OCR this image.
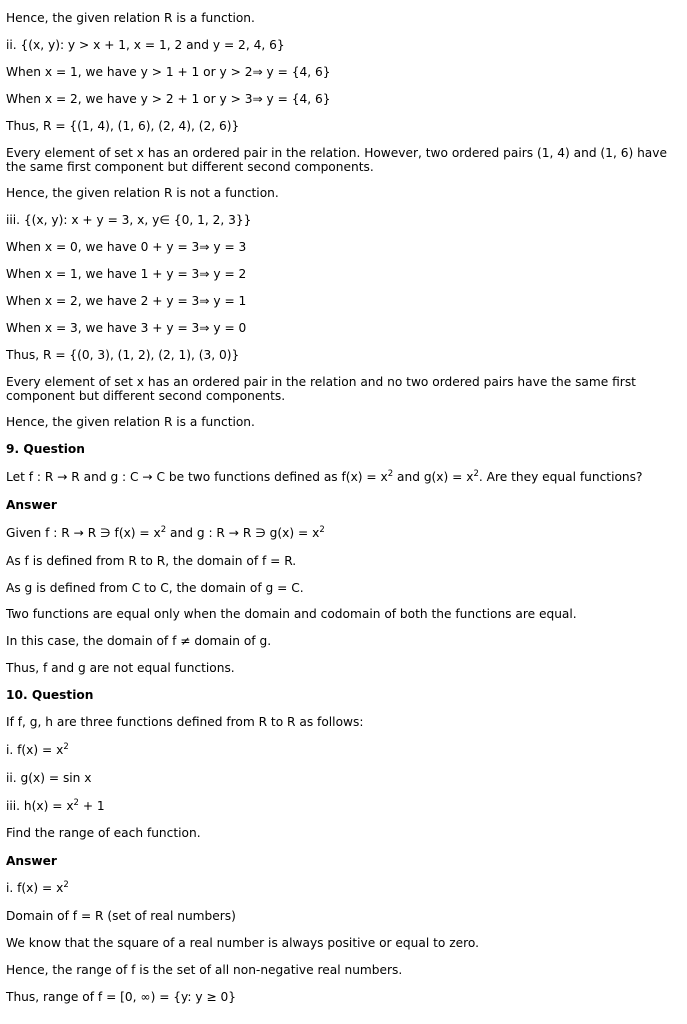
Hence, the given relation R is a function.

ii. {(x, y): y > x + 1, x = 1, 2 and y = 2, 4, 6}

When x = 1, we have y > 1 + 1 or y > 2⇒ y = {4, 6}

When x = 2, we have y > 2 + 1 or y > 3⇒ y = {4, 6}

Thus, R = {(1, 4), (1, 6), (2, 4), (2, 6)}

Every element of set x has an ordered pair in the relation. However, two ordered pairs (1, 4) and (1, 6) have the same first component but different second components.

Hence, the given relation R is not a function.

iii. {(x, y): x + y = 3, x, y∈ {0, 1, 2, 3}}

When x = 0, we have 0 + y = 3⇒ y = 3

When x = 1, we have 1 + y = 3⇒ y = 2

When x = 2, we have 2 + y = 3⇒ y = 1

When x = 3, we have 3 + y = 3⇒ y = 0

Thus, R = {(0, 3), (1, 2), (2, 1), (3, 0)}

Every element of set x has an ordered pair in the relation and no two ordered pairs have the same first component but different second components.

Hence, the given relation R is a function.

9. Question

Let f : R → R and g : C → C be two functions defined as $f(x) = x^2$ and $g(x) = x^2$. Are they equal functions?

Answer

Given f : R → R ∋ $f(x) = x^2$ and g : R → R ∋ $g(x) = x^2$

As f is defined from R to R, the domain of f = R.

As g is defined from C to C, the domain of g = C.

Two functions are equal only when the domain and codomain of both the functions are equal.

In this case, the domain of f ≠ domain of g.

Thus, f and g are not equal functions.

10. Question

If f, g, h are three functions defined from R to R as follows:

i. $f(x) = x^2$

ii. g(x) = sin x

iii. $h(x) = x^2 + 1$

Find the range of each function.

Answer

i. $f(x) = x^2$

Domain of f = R (set of real numbers)

We know that the square of a real number is always positive or equal to zero.

Hence, the range of f is the set of all non-negative real numbers.

Thus, range of f = [0, ∞) = {y: y ≥ 0}
